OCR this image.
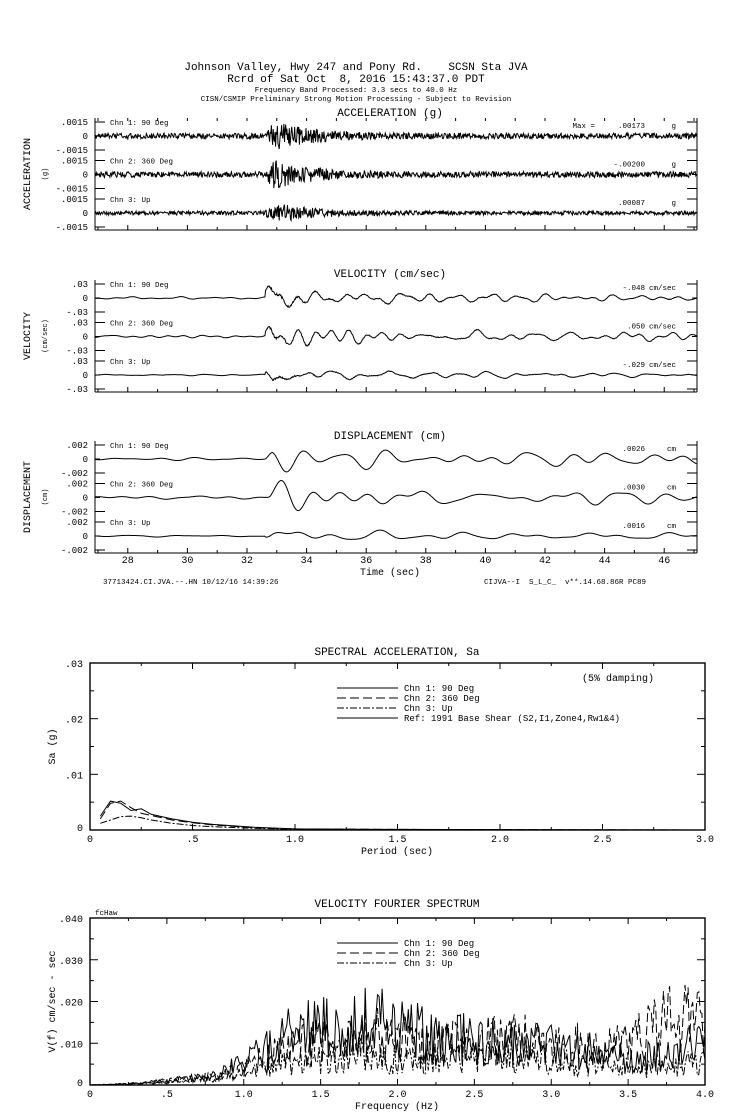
Johnson Valley, Hwy 247 and Pony Rd.    SCSN Sta JVA
Rcrd of Sat Oct  8, 2016 15:43:37.0 PDT
Frequency Band Processed: 3.3 secs to 40.0 Hz
CISN/CSMIP Preliminary Strong Motion Processing - Subject to Revision
37713424.CI.JVA.--.HN 10/12/16 14:39:26
Time (sec)
CIJVA--I  S_L_C_  v**.14.68.86R PC89
ACCELERATION (g)
ACCELERATION (g)
.0015
0
-.0015
Chn 1: 90 Deg	Max =	.00173	g
.0015
0
-.0015
Chn 2: 360 Deg	-.00200	g
.0015
0
-.0015
Chn 3: Up	.00087	g
VELOCITY (cm/sec)
VELOCITY (cm/sec)
.03
0
-.03
Chn 1: 90 Deg	-.048 cm/sec
.03
0
-.03
Chn 2: 360 Deg	.050 cm/sec
.03
0
-.03
Chn 3: Up	-.029 cm/sec
DISPLACEMENT (cm)
DISPLACEMENT (cm)
.002
0
-.002
Chn 1: 90 Deg	.0026	cm
.002
0
-.002
Chn 2: 360 Deg	.0030	cm
.002
0
-.002
Chn 3: Up	.0016	cm
28	30	32	34	36	38	40	42	44	46
Sa (g)
SPECTRAL ACCELERATION, Sa
0	.5	1.0	1.5	2.0	2.5	3.0
0
.01
.02
.03
Period (sec)
(5% damping)
Chn 1: 90 Deg
Chn 2: 360 Deg
Chn 3: Up
Ref: 1991 Base Shear (S2,I1,Zone4,Rw1&4)
V(f) cm/sec - sec
VELOCITY FOURIER SPECTRUM
0	.5	1.0	1.5	2.0	2.5	3.0	3.5	4.0
0
.010
.020
.030
.040
Frequency (Hz)
fcHaw
Chn 1: 90 Deg
Chn 2: 360 Deg
Chn 3: Up
